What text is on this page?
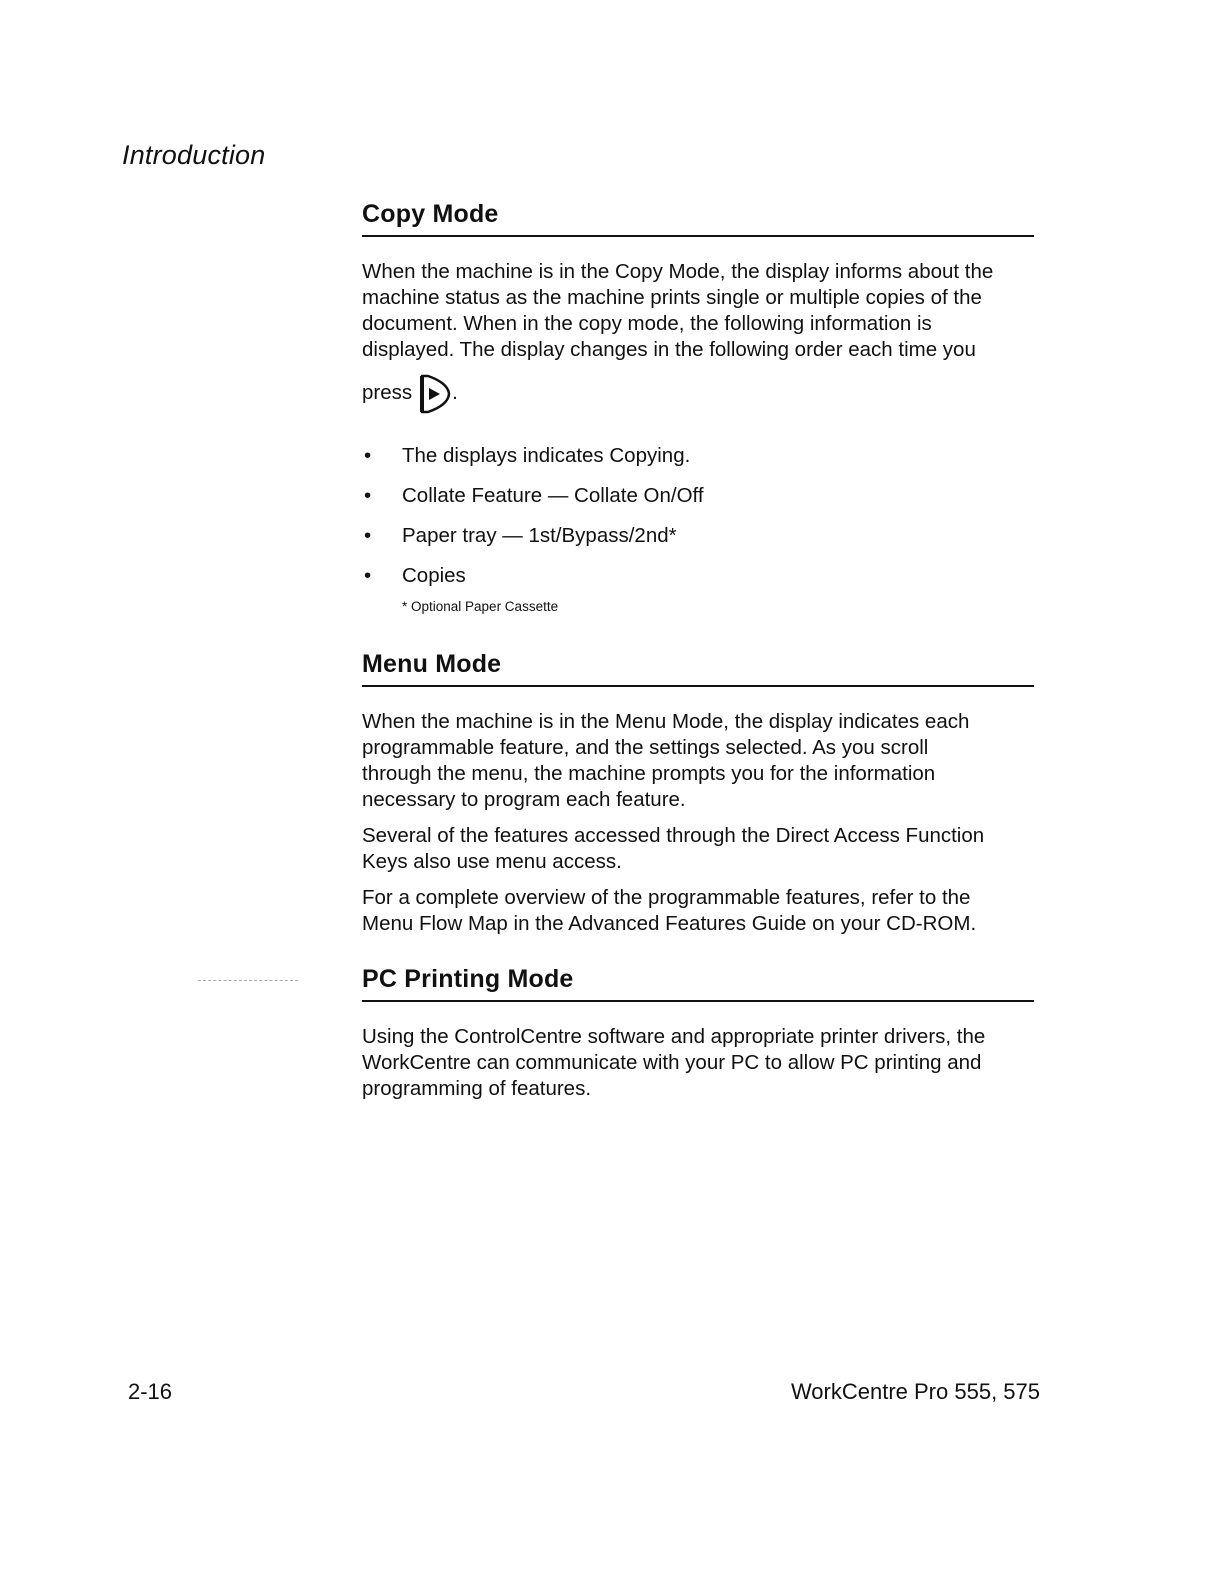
Introduction
Copy Mode

When the machine is in the Copy Mode, the display informs about the
machine status as the machine prints single or multiple copies of the
document. When in the copy mode, the following information is
displayed. The display changes in the following order each time you

press .
• The displays indicates Copying.
• Collate Feature — Collate On/Off
• Paper tray — 1st/Bypass/2nd*
• Copies
* Optional Paper Cassette
Menu Mode

When the machine is in the Menu Mode, the display indicates each
programmable feature, and the settings selected. As you scroll
through the menu, the machine prompts you for the information
necessary to program each feature.

Several of the features accessed through the Direct Access Function
Keys also use menu access.

For a complete overview of the programmable features, refer to the
Menu Flow Map in the Advanced Features Guide on your CD-ROM.

PC Printing Mode

Using the ControlCentre software and appropriate printer drivers, the
WorkCentre can communicate with your PC to allow PC printing and
programming of features.

2-16	WorkCentre Pro 555, 575
